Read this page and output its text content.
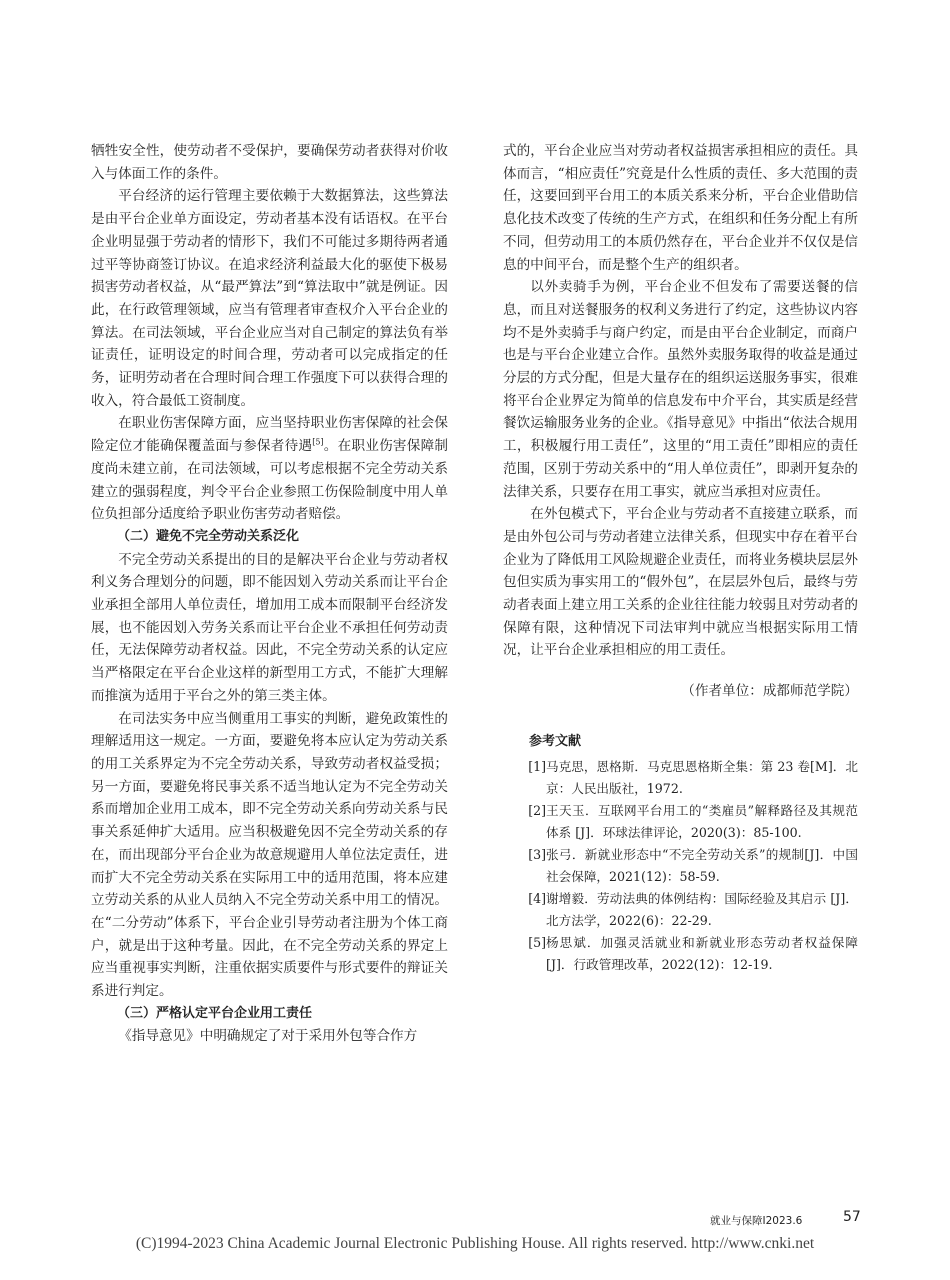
牺牲安全性，使劳动者不受保护，要确保劳动者获得对价收入与体面工作的条件。

平台经济的运行管理主要依赖于大数据算法，这些算法是由平台企业单方面设定，劳动者基本没有话语权。在平台企业明显强于劳动者的情形下，我们不可能过多期待两者通过平等协商签订协议。在追求经济利益最大化的驱使下极易损害劳动者权益，从“最严算法”到“算法取中”就是例证。因此，在行政管理领域，应当有管理者审查权介入平台企业的算法。在司法领域，平台企业应当对自己制定的算法负有举证责任，证明设定的时间合理，劳动者可以完成指定的任务，证明劳动者在合理时间合理工作强度下可以获得合理的收入，符合最低工资制度。

在职业伤害保障方面，应当坚持职业伤害保障的社会保险定位才能确保覆盖面与参保者待遇[5]。在职业伤害保障制度尚未建立前，在司法领域，可以考虑根据不完全劳动关系建立的强弱程度，判令平台企业参照工伤保险制度中用人单位负担部分适度给予职业伤害劳动者赔偿。

（二）避免不完全劳动关系泛化

不完全劳动关系提出的目的是解决平台企业与劳动者权利义务合理划分的问题，即不能因划入劳动关系而让平台企业承担全部用人单位责任，增加用工成本而限制平台经济发展，也不能因划入劳务关系而让平台企业不承担任何劳动责任，无法保障劳动者权益。因此，不完全劳动关系的认定应当严格限定在平台企业这样的新型用工方式，不能扩大理解而推演为适用于平台之外的第三类主体。

在司法实务中应当侧重用工事实的判断，避免政策性的理解适用这一规定。一方面，要避免将本应认定为劳动关系的用工关系界定为不完全劳动关系，导致劳动者权益受损；另一方面，要避免将民事关系不适当地认定为不完全劳动关系而增加企业用工成本，即不完全劳动关系向劳动关系与民事关系延伸扩大适用。应当积极避免因不完全劳动关系的存在，而出现部分平台企业为故意规避用人单位法定责任，进而扩大不完全劳动关系在实际用工中的适用范围，将本应建立劳动关系的从业人员纳入不完全劳动关系中用工的情况。在“二分劳动”体系下，平台企业引导劳动者注册为个体工商户，就是出于这种考量。因此，在不完全劳动关系的界定上应当重视事实判断，注重依据实质要件与形式要件的辩证关系进行判定。

（三）严格认定平台企业用工责任

《指导意见》中明确规定了对于采用外包等合作方

式的，平台企业应当对劳动者权益损害承担相应的责任。具体而言，“相应责任”究竟是什么性质的责任、多大范围的责任，这要回到平台用工的本质关系来分析，平台企业借助信息化技术改变了传统的生产方式，在组织和任务分配上有所不同，但劳动用工的本质仍然存在，平台企业并不仅仅是信息的中间平台，而是整个生产的组织者。

以外卖骑手为例，平台企业不但发布了需要送餐的信息，而且对送餐服务的权利义务进行了约定，这些协议内容均不是外卖骑手与商户约定，而是由平台企业制定，而商户也是与平台企业建立合作。虽然外卖服务取得的收益是通过分层的方式分配，但是大量存在的组织运送服务事实，很难将平台企业界定为简单的信息发布中介平台，其实质是经营餐饮运输服务业务的企业。《指导意见》中指出“依法合规用工，积极履行用工责任”，这里的“用工责任”即相应的责任范围，区别于劳动关系中的“用人单位责任”，即剥开复杂的法律关系，只要存在用工事实，就应当承担对应责任。

在外包模式下，平台企业与劳动者不直接建立联系，而是由外包公司与劳动者建立法律关系，但现实中存在着平台企业为了降低用工风险规避企业责任，而将业务模块层层外包但实质为事实用工的“假外包”，在层层外包后，最终与劳动者表面上建立用工关系的企业往往能力较弱且对劳动者的保障有限，这种情况下司法审判中就应当根据实际用工情况，让平台企业承担相应的用工责任。

（作者单位：成都师范学院）
参考文献
[1] 马克思，恩格斯．马克思恩格斯全集：第 23 卷[M]．北京：人民出版社，1972.
[2] 王天玉．互联网平台用工的“类雇员”解释路径及其规范体系 [J]．环球法律评论，2020(3)：85-100.
[3] 张弓．新就业形态中“不完全劳动关系”的规制[J]．中国社会保障，2021(12)：58-59.
[4] 谢增毅．劳动法典的体例结构：国际经验及其启示 [J]．北方法学，2022(6)：22-29.
[5] 杨思斌．加强灵活就业和新就业形态劳动者权益保障 [J]．行政管理改革，2022(12)：12-19.
就业与保障I2023.6	57
(C)1994-2023 China Academic Journal Electronic Publishing House. All rights reserved. http://www.cnki.net
